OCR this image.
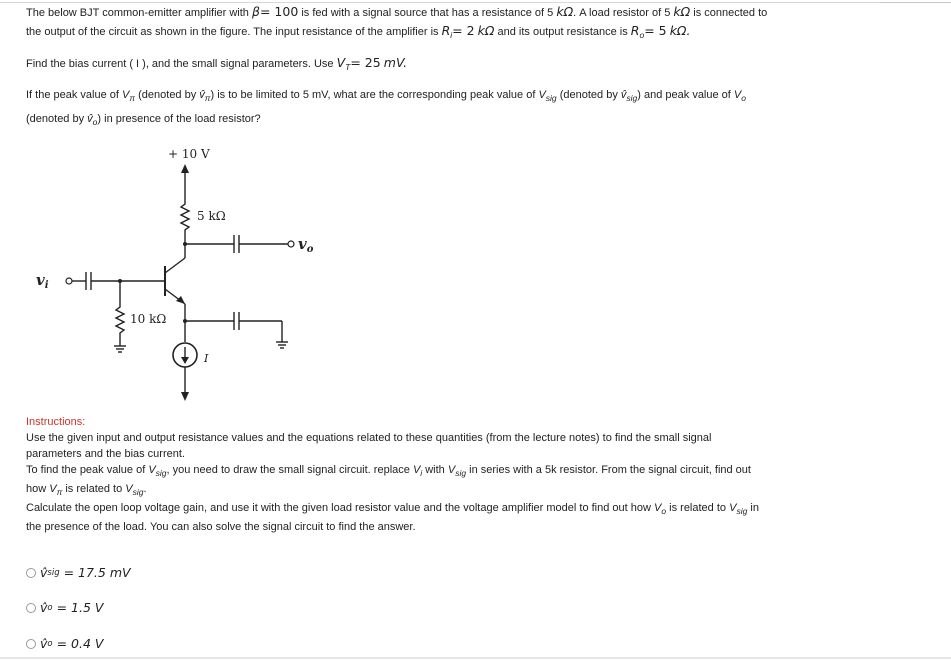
The below BJT common-emitter amplifier with β= 100 is fed with a signal source that has a resistance of 5 kΩ. A load resistor of 5 kΩ is connected to
the output of the circuit as shown in the figure. The input resistance of the amplifier is $R_i= 2$ kΩ and its output resistance is $R_o= 5$ kΩ.
Find the bias current ( I ), and the small signal parameters. Use $V_T= 25$ mV.
If the peak value of $V_\pi$ (denoted by $v̂_\pi$) is to be limited to 5 mV, what are the corresponding peak value of $V_{sig}$ (denoted by $v̂_{sig}$) and peak value of $V_o$
(denoted by $v̂_o$) in presence of the load resistor?
+ 10 V
5 kΩ
10 kΩ
I
$v_o$
$v_i$
Instructions:
Use the given input and output resistance values and the equations related to these quantities (from the lecture notes) to find the small signal
parameters and the bias current.
To find the peak value of $V_{sig}$, you need to draw the small signal circuit. replace $V_i$ with $V_{sig}$ in series with a 5k resistor. From the signal circuit, find out
how $V_\pi$ is related to $V_{sig}$.
Calculate the open loop voltage gain, and use it with the given load resistor value and the voltage amplifier model to find out how $V_o$ is related to $V_{sig}$ in
the presence of the load. You can also solve the signal circuit to find the answer.
v̂ sig
= 17.5 mV
v̂ o
= 1.5 V
v̂ o
= 0.4 V
